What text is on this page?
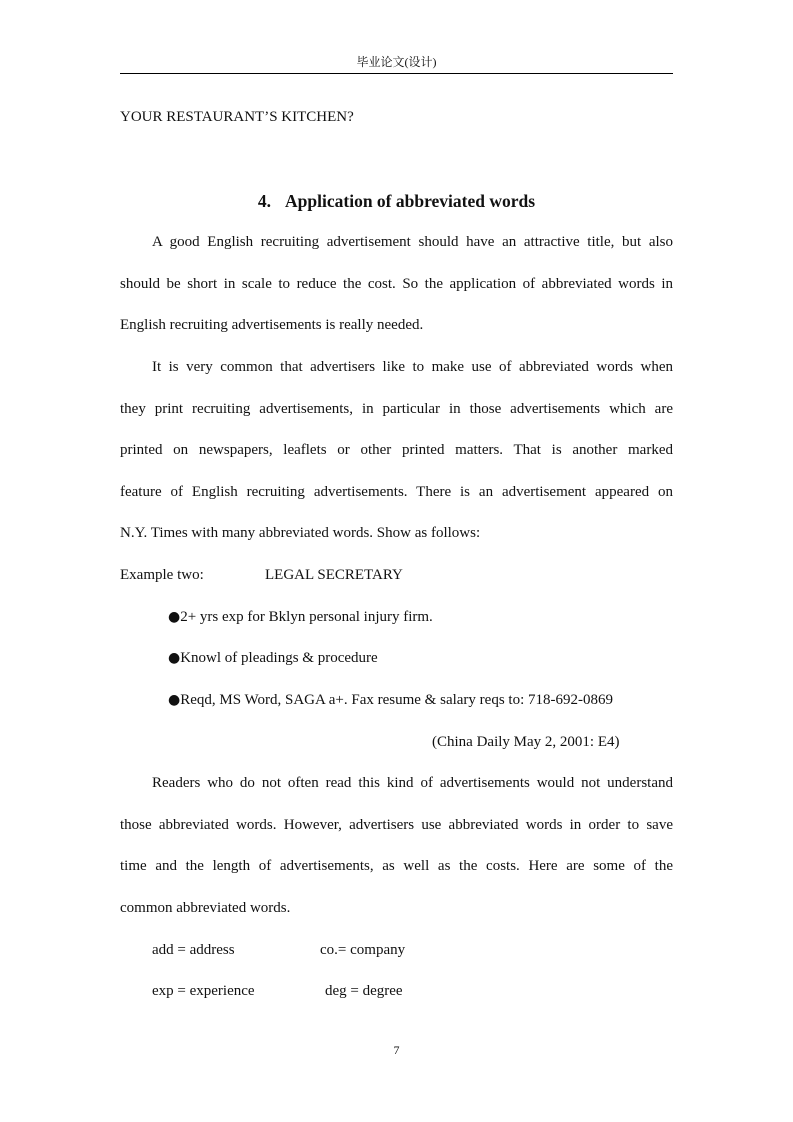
毕业论文(设计)
YOUR RESTAURANT’S KITCHEN?
4. Application of abbreviated words
A good English recruiting advertisement should have an attractive title, but also
should be short in scale to reduce the cost. So the application of abbreviated words in
English recruiting advertisements is really needed.
It is very common that advertisers like to make use of abbreviated words when
they print recruiting advertisements, in particular in those advertisements which are
printed on newspapers, leaflets or other printed matters. That is another marked
feature of English recruiting advertisements. There is an advertisement appeared on
N.Y. Times with many abbreviated words. Show as follows:
Example two:	LEGAL SECRETARY
●2+ yrs exp for Bklyn personal injury firm.
●Knowl of pleadings & procedure
●Reqd, MS Word, SAGA a+. Fax resume & salary reqs to: 718-692-0869
(China Daily May 2, 2001: E4)
Readers who do not often read this kind of advertisements would not understand
those abbreviated words. However, advertisers use abbreviated words in order to save
time and the length of advertisements, as well as the costs. Here are some of the
common abbreviated words.
add = address	co.= company
exp = experience	deg = degree
7
